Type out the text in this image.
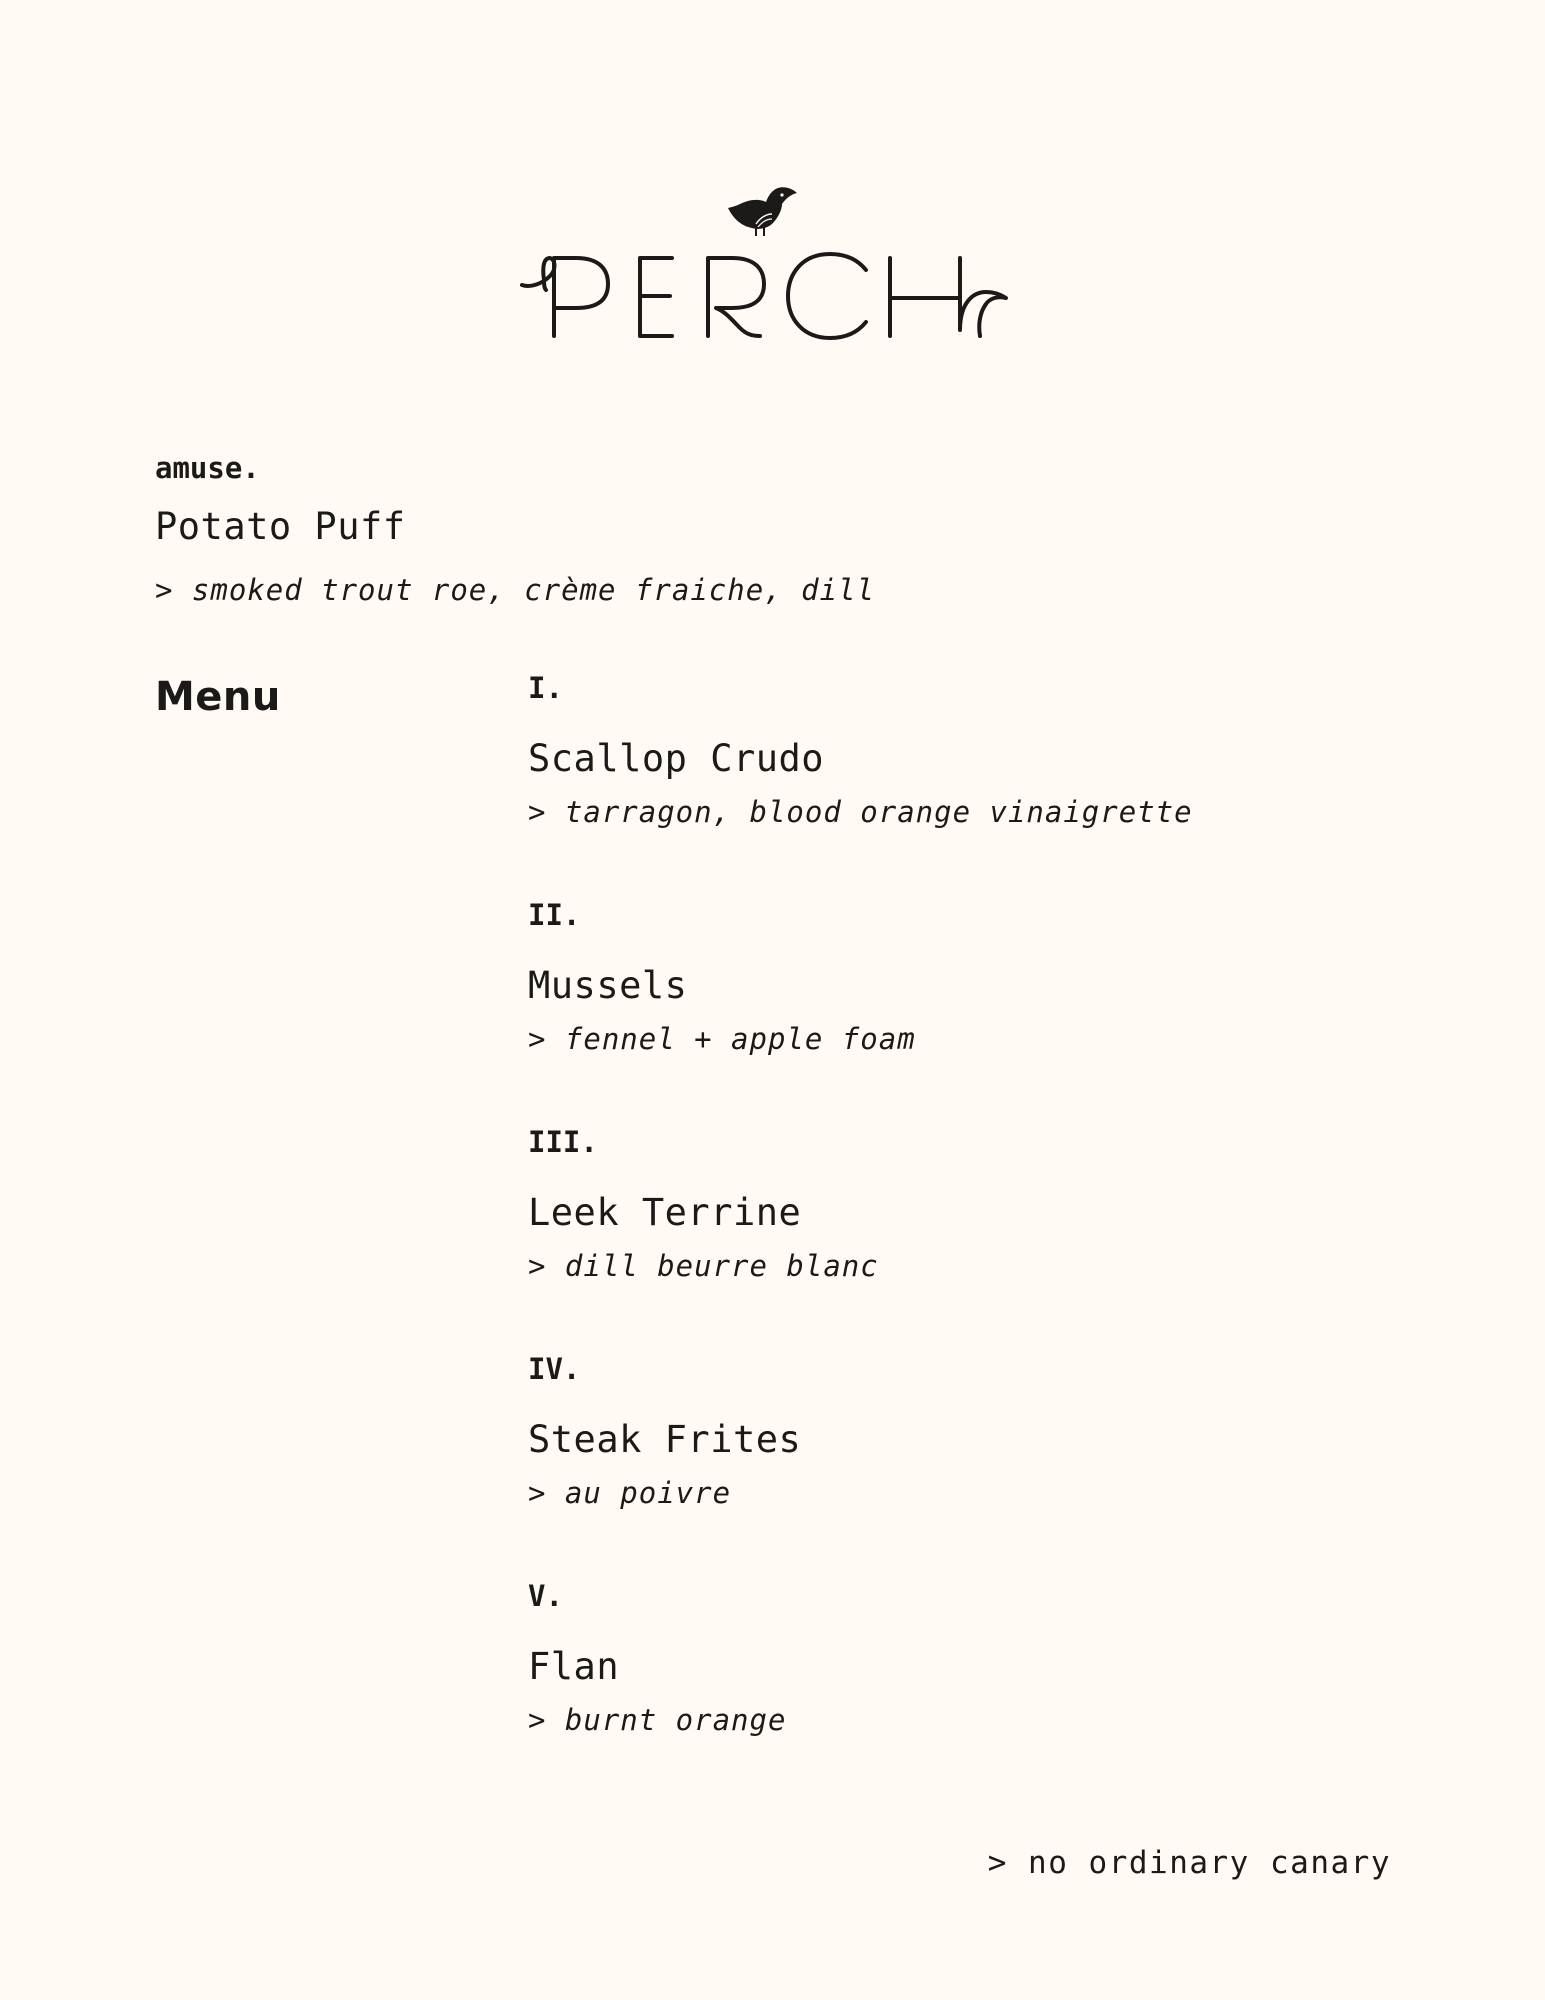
amuse.

Potato Puff

> smoked trout roe, crème fraiche, dill

Menu	I.

Scallop Crudo

> tarragon, blood orange vinaigrette

II.

Mussels

> fennel + apple foam

III.

Leek Terrine

> dill beurre blanc

IV.

Steak Frites

> au poivre

V.

Flan

> burnt orange

> no ordinary canary
